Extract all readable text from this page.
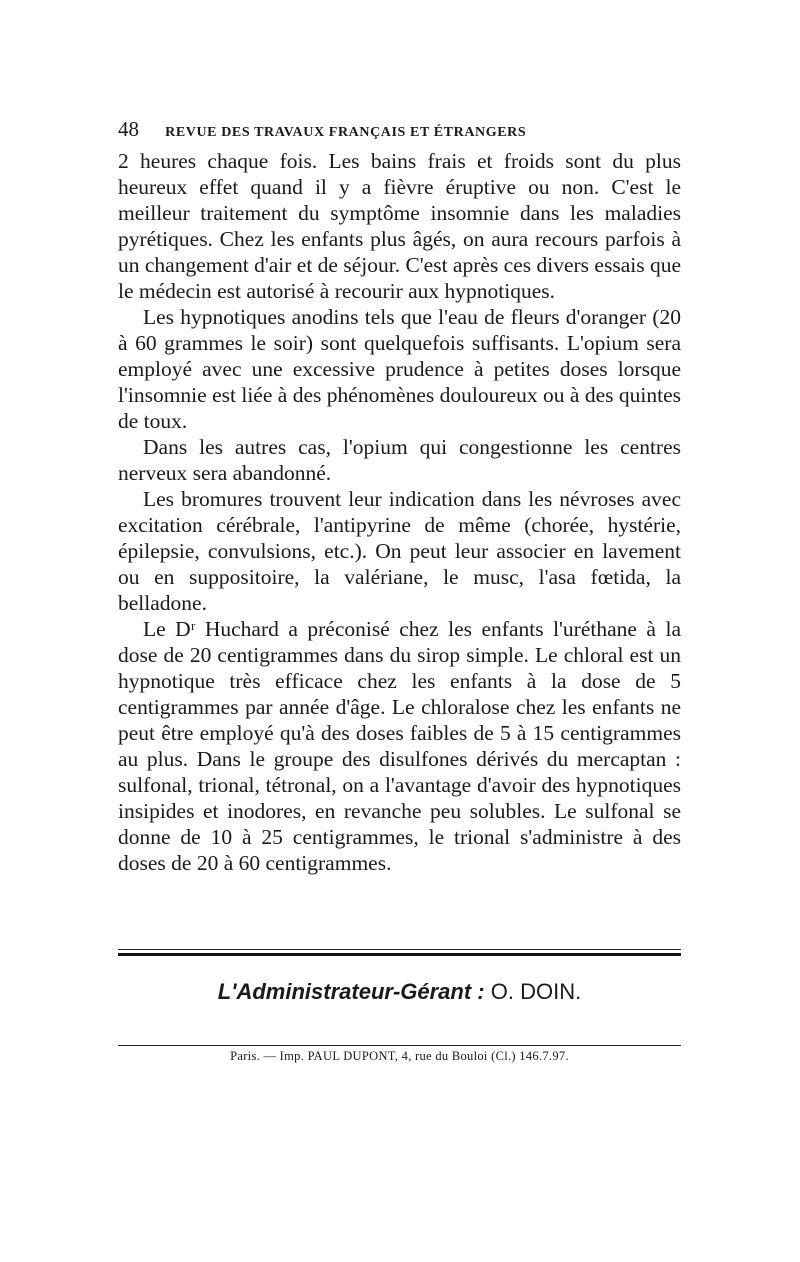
48 REVUE DES TRAVAUX FRANÇAIS ET ÉTRANGERS

2 heures chaque fois. Les bains frais et froids sont du plus heureux effet quand il y a fièvre éruptive ou non. C'est le meilleur traitement du symptôme insomnie dans les maladies pyrétiques. Chez les enfants plus âgés, on aura recours parfois à un changement d'air et de séjour. C'est après ces divers essais que le médecin est autorisé à recourir aux hypnotiques.

Les hypnotiques anodins tels que l'eau de fleurs d'oranger (20 à 60 grammes le soir) sont quelquefois suffisants. L'opium sera employé avec une excessive prudence à petites doses lorsque l'insomnie est liée à des phénomènes douloureux ou à des quintes de toux.

Dans les autres cas, l'opium qui congestionne les centres nerveux sera abandonné.

Les bromures trouvent leur indication dans les névroses avec excitation cérébrale, l'antipyrine de même (chorée, hystérie, épilepsie, convulsions, etc.). On peut leur associer en lavement ou en suppositoire, la valériane, le musc, l'asa fœtida, la belladone.

Le Dʳ Huchard a préconisé chez les enfants l'uréthane à la dose de 20 centigrammes dans du sirop simple. Le chloral est un hypnotique très efficace chez les enfants à la dose de 5 centigrammes par année d'âge. Le chloralose chez les enfants ne peut être employé qu'à des doses faibles de 5 à 15 centigrammes au plus. Dans le groupe des disulfones dérivés du mercaptan : sulfonal, trional, tétronal, on a l'avantage d'avoir des hypnotiques insipides et inodores, en revanche peu solubles. Le sulfonal se donne de 10 à 25 centigrammes, le trional s'administre à des doses de 20 à 60 centigrammes.

L'Administrateur-Gérant : O. DOIN.
Paris. — Imp. PAUL DUPONT, 4, rue du Bouloi (Cl.) 146.7.97.
